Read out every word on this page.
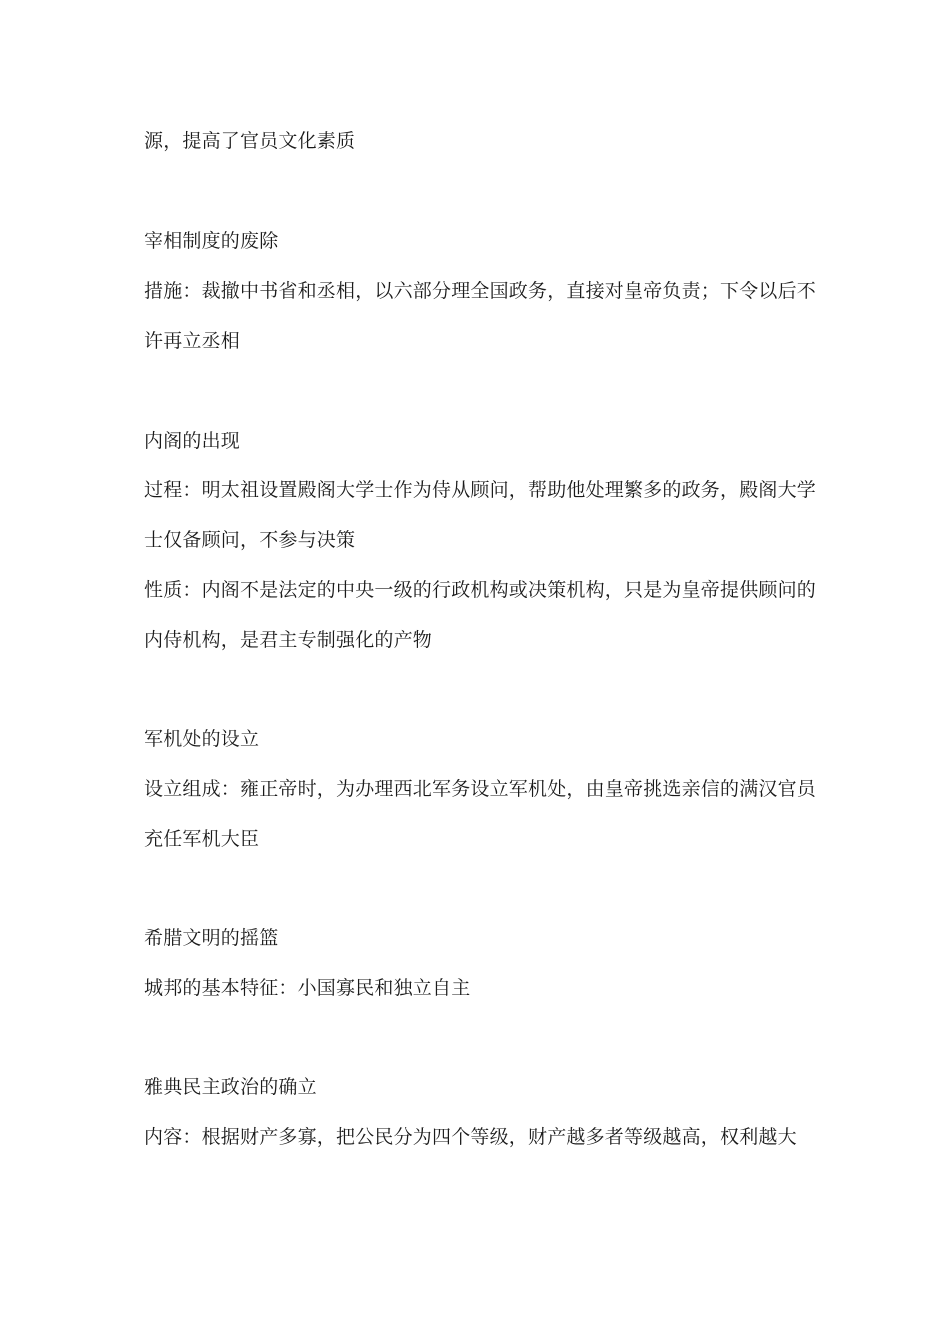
源，提高了官员文化素质

宰相制度的废除

措施：裁撤中书省和丞相，以六部分理全国政务，直接对皇帝负责；下令以后不

许再立丞相

内阁的出现

过程：明太祖设置殿阁大学士作为侍从顾问，帮助他处理繁多的政务，殿阁大学

士仅备顾问，不参与决策

性质：内阁不是法定的中央一级的行政机构或决策机构，只是为皇帝提供顾问的

内侍机构，是君主专制强化的产物

军机处的设立

设立组成：雍正帝时，为办理西北军务设立军机处，由皇帝挑选亲信的满汉官员

充任军机大臣

希腊文明的摇篮

城邦的基本特征：小国寡民和独立自主

雅典民主政治的确立

内容：根据财产多寡，把公民分为四个等级，财产越多者等级越高，权利越大
